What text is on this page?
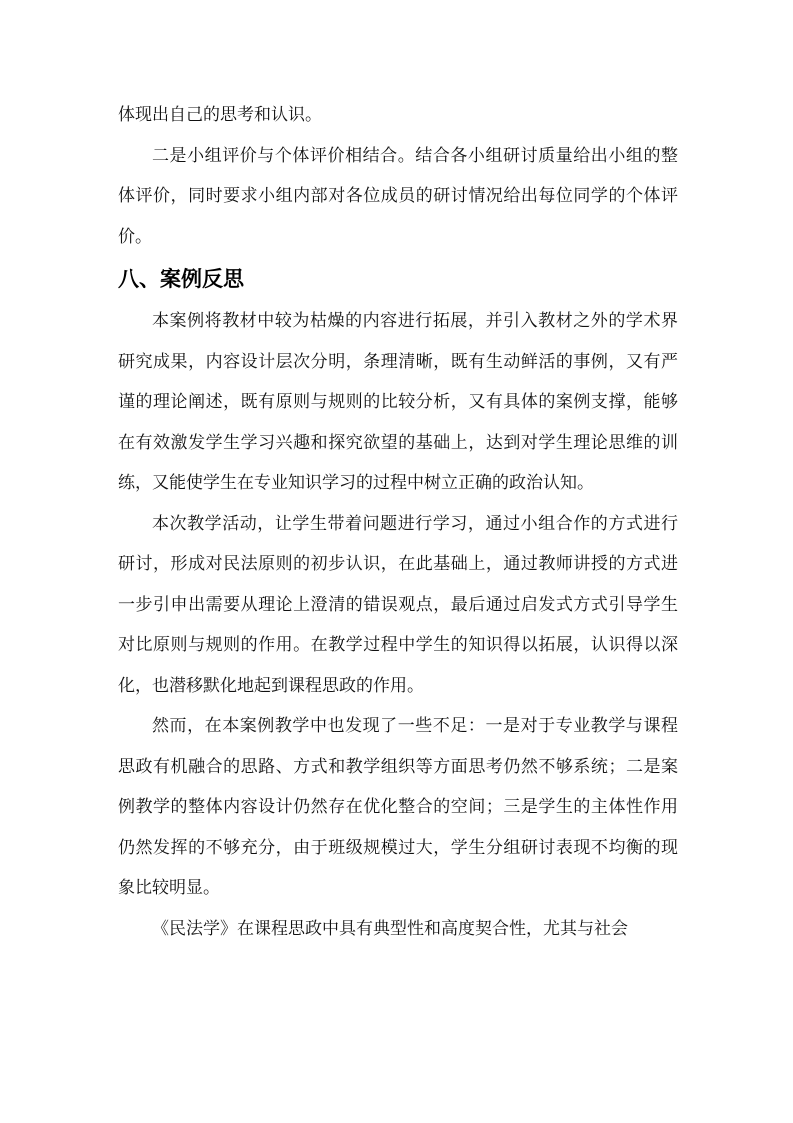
体现出自己的思考和认识。

二是小组评价与个体评价相结合。结合各小组研讨质量给出小组的整体评价，同时要求小组内部对各位成员的研讨情况给出每位同学的个体评价。

八、案例反思

本案例将教材中较为枯燥的内容进行拓展，并引入教材之外的学术界研究成果，内容设计层次分明，条理清晰，既有生动鲜活的事例，又有严谨的理论阐述，既有原则与规则的比较分析，又有具体的案例支撑，能够在有效激发学生学习兴趣和探究欲望的基础上，达到对学生理论思维的训练，又能使学生在专业知识学习的过程中树立正确的政治认知。

本次教学活动，让学生带着问题进行学习，通过小组合作的方式进行研讨，形成对民法原则的初步认识，在此基础上，通过教师讲授的方式进一步引申出需要从理论上澄清的错误观点，最后通过启发式方式引导学生对比原则与规则的作用。在教学过程中学生的知识得以拓展，认识得以深化，也潜移默化地起到课程思政的作用。

然而，在本案例教学中也发现了一些不足：一是对于专业教学与课程思政有机融合的思路、方式和教学组织等方面思考仍然不够系统；二是案例教学的整体内容设计仍然存在优化整合的空间；三是学生的主体性作用仍然发挥的不够充分，由于班级规模过大，学生分组研讨表现不均衡的现象比较明显。

《民法学》在课程思政中具有典型性和高度契合性，尤其与社会
